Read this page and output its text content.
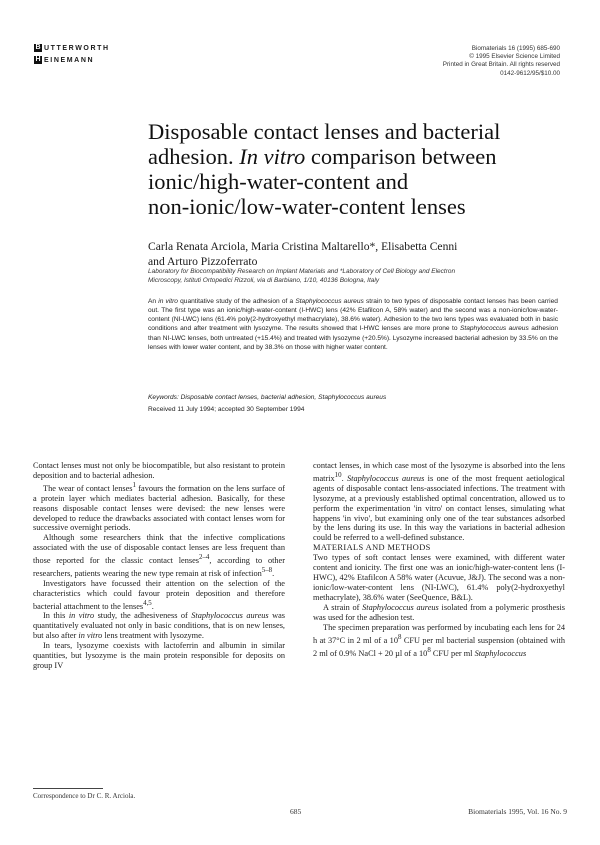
B UTTERWORTH
H EINEMANN
Biomaterials 16 (1995) 685-690
© 1995 Elsevier Science Limited
Printed in Great Britain. All rights reserved
0142-9612/95/$10.00
Disposable contact lenses and bacterial
adhesion. In vitro comparison between
ionic/high-water-content and
non-ionic/low-water-content lenses
Carla Renata Arciola, Maria Cristina Maltarello*, Elisabetta Cenni
and Arturo Pizzoferrato
Laboratory for Biocompatibility Research on Implant Materials and *Laboratory of Cell Biology and Electron
Microscopy, Istituti Ortopedici Rizzoli, via di Barbiano, 1/10, 40136 Bologna, Italy
An in vitro quantitative study of the adhesion of a Staphylococcus aureus strain to two types of disposable contact lenses has been carried out. The first type was an ionic/high-water-content (I-HWC) lens (42% Etafilcon A, 58% water) and the second was a non-ionic/low-water-content (NI-LWC) lens (61.4% poly(2-hydroxyethyl methacrylate), 38.6% water). Adhesion to the two lens types was evaluated both in basic conditions and after treatment with lysozyme. The results showed that I-HWC lenses are more prone to Staphylococcus aureus adhesion than NI-LWC lenses, both untreated (+15.4%) and treated with lysozyme (+20.5%). Lysozyme increased bacterial adhesion by 33.5% on the lenses with lower water content, and by 38.3% on those with higher water content.
Keywords: Disposable contact lenses, bacterial adhesion, Staphylococcus aureus
Received 11 July 1994; accepted 30 September 1994

Contact lenses must not only be biocompatible, but also resistant to protein deposition and to bacterial adhesion.

The wear of contact lenses$^1$ favours the formation on the lens surface of a protein layer which mediates bacterial adhesion. Basically, for these reasons disposable contact lenses were devised: the new lenses were developed to reduce the drawbacks associated with contact lenses worn for successive overnight periods.

Although some researchers think that the infective complications associated with the use of disposable contact lenses are less frequent than those reported for the classic contact lenses$^{2-4}$, according to other researchers, patients wearing the new type remain at risk of infection$^{5-8}$.

Investigators have focussed their attention on the selection of the characteristics which could favour protein deposition and therefore bacterial attachment to the lenses$^{4,5}$.

In this in vitro study, the adhesiveness of Staphylococcus aureus was quantitatively evaluated not only in basic conditions, that is on new lenses, but also after in vitro lens treatment with lysozyme.

In tears, lysozyme coexists with lactoferrin and albumin in similar quantities, but lysozyme is the main protein responsible for deposits on group IV

contact lenses, in which case most of the lysozyme is absorbed into the lens matrix$^{10}$. Staphylococcus aureus is one of the most frequent aetiological agents of disposable contact lens-associated infections. The treatment with lysozyme, at a previously established optimal concentration, allowed us to perform the experimentation 'in vitro' on contact lenses, simulating what happens 'in vivo', but examining only one of the tear substances adsorbed by the lens during its use. In this way the variations in bacterial adhesion could be referred to a well-defined substance.

MATERIALS AND METHODS

Two types of soft contact lenses were examined, with different water content and ionicity. The first one was an ionic/high-water-content lens (I-HWC), 42% Etafilcon A 58% water (Acuvue, J&J). The second was a non-ionic/low-water-content lens (NI-LWC), 61.4% poly(2-hydroxyethyl methacrylate), 38.6% water (SeeQuence, B&L).

A strain of Staphylococcus aureus isolated from a polymeric prosthesis was used for the adhesion test.

The specimen preparation was performed by incubating each lens for 24 h at 37°C in 2 ml of a $10^8$ CFU per ml bacterial suspension (obtained with 2 ml of 0.9% NaCl + 20 µl of a $10^8$ CFU per ml Staphylococcus

Correspondence to Dr C. R. Arciola.
685	Biomaterials 1995, Vol. 16 No. 9
